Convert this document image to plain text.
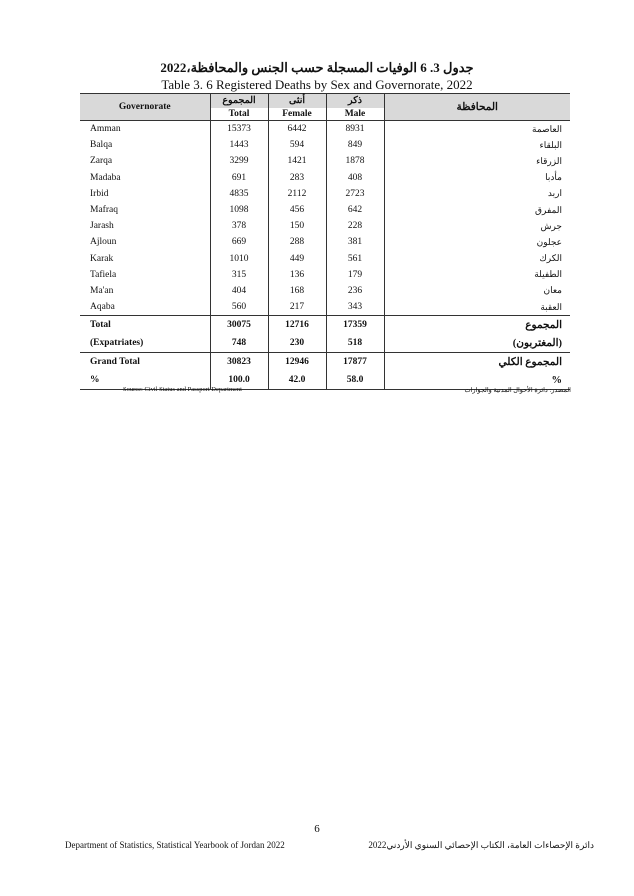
جدول 3. 6 الوفيات المسجلة حسب الجنس والمحافظة،2022
Table 3. 6 Registered Deaths by Sex and Governorate, 2022
Governorate	المجموع	أنثى	ذكر	المحافظة
	Total	Female	Male	
Amman	15373	6442	8931	العاصمة
Balqa	1443	594	849	البلقاء
Zarqa	3299	1421	1878	الزرقاء
Madaba	691	283	408	مأدبا
Irbid	4835	2112	2723	اربد
Mafraq	1098	456	642	المفرق
Jarash	378	150	228	جرش
Ajloun	669	288	381	عجلون
Karak	1010	449	561	الكرك
Tafiela	315	136	179	الطفيلة
Ma'an	404	168	236	معان
Aqaba	560	217	343	العقبة
Total	30075	12716	17359	المجموع
(Expatriates)	748	230	518	(المغتربون)
Grand Total	30823	12946	17877	المجموع الكلي
%	100.0	42.0	58.0	%
Source: Civil Status and Passport Department	المصدر: دائرة الأحوال المدنية والجوازات
6
Department of Statistics, Statistical Yearbook of Jordan 2022	دائرة الإحصاءات العامة، الكتاب الإحصائي السنوي الأردني2022
